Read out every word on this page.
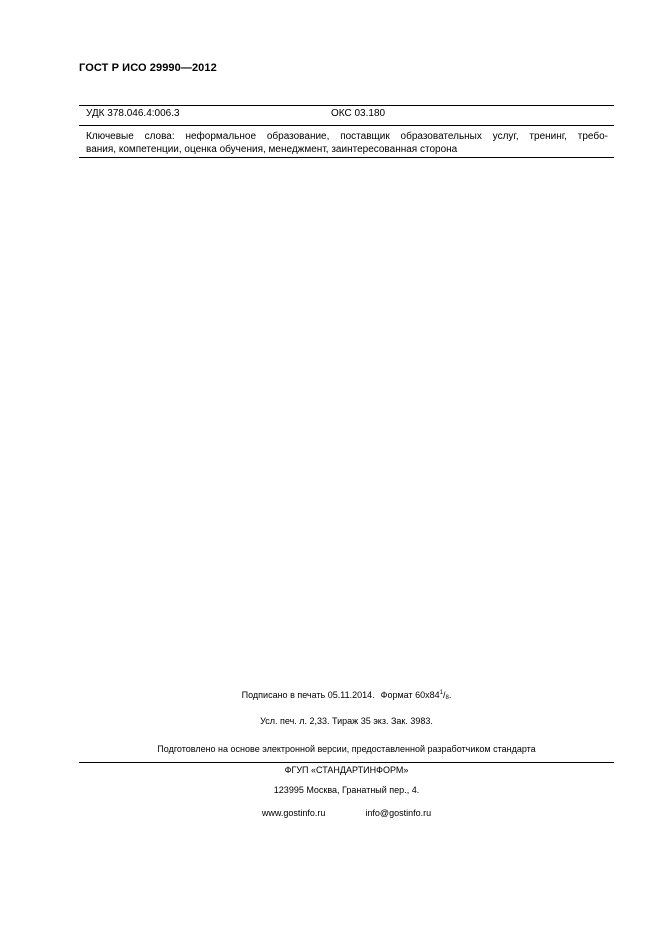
ГОСТ Р ИСО 29990—2012
УДК 378.046.4:006.3	ОКС 03.180
Ключевые слова: неформальное образование, поставщик образовательных услуг, тренинг, требо-
вания, компетенции, оценка обучения, менеджмент, заинтересованная сторона
Подписано в печать 05.11.2014. Формат $60x84^1/_8$.
Усл. печ. л. 2,33. Тираж 35 экз. Зак. 3983.
Подготовлено на основе электронной версии, предоставленной разработчиком стандарта
ФГУП «СТАНДАРТИНФОРМ»
123995 Москва, Гранатный пер., 4.
www.gostinfo.ru	info@gostinfo.ru
